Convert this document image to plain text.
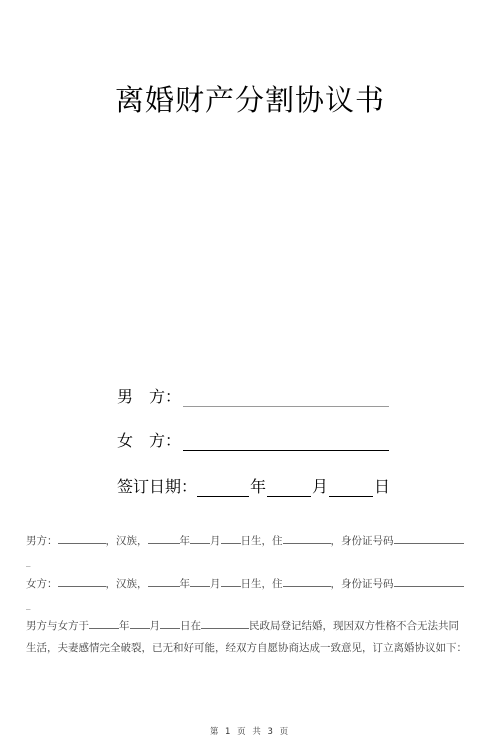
离婚财产分割协议书
男　方：
女　方：
签订日期：	年	月	日
男方：	，汉族，	年 月 日生，住	，身份证号码
_
女方：	，汉族，	年 月 日生，住	，身份证号码
_
男方与女方于	年 月 日在	民政局登记结婚，现因双方性格不合无法共同
生活，夫妻感情完全破裂，已无和好可能，经双方自愿协商达成一致意见，订立离婚协议如下：
第 1 页 共 3 页
